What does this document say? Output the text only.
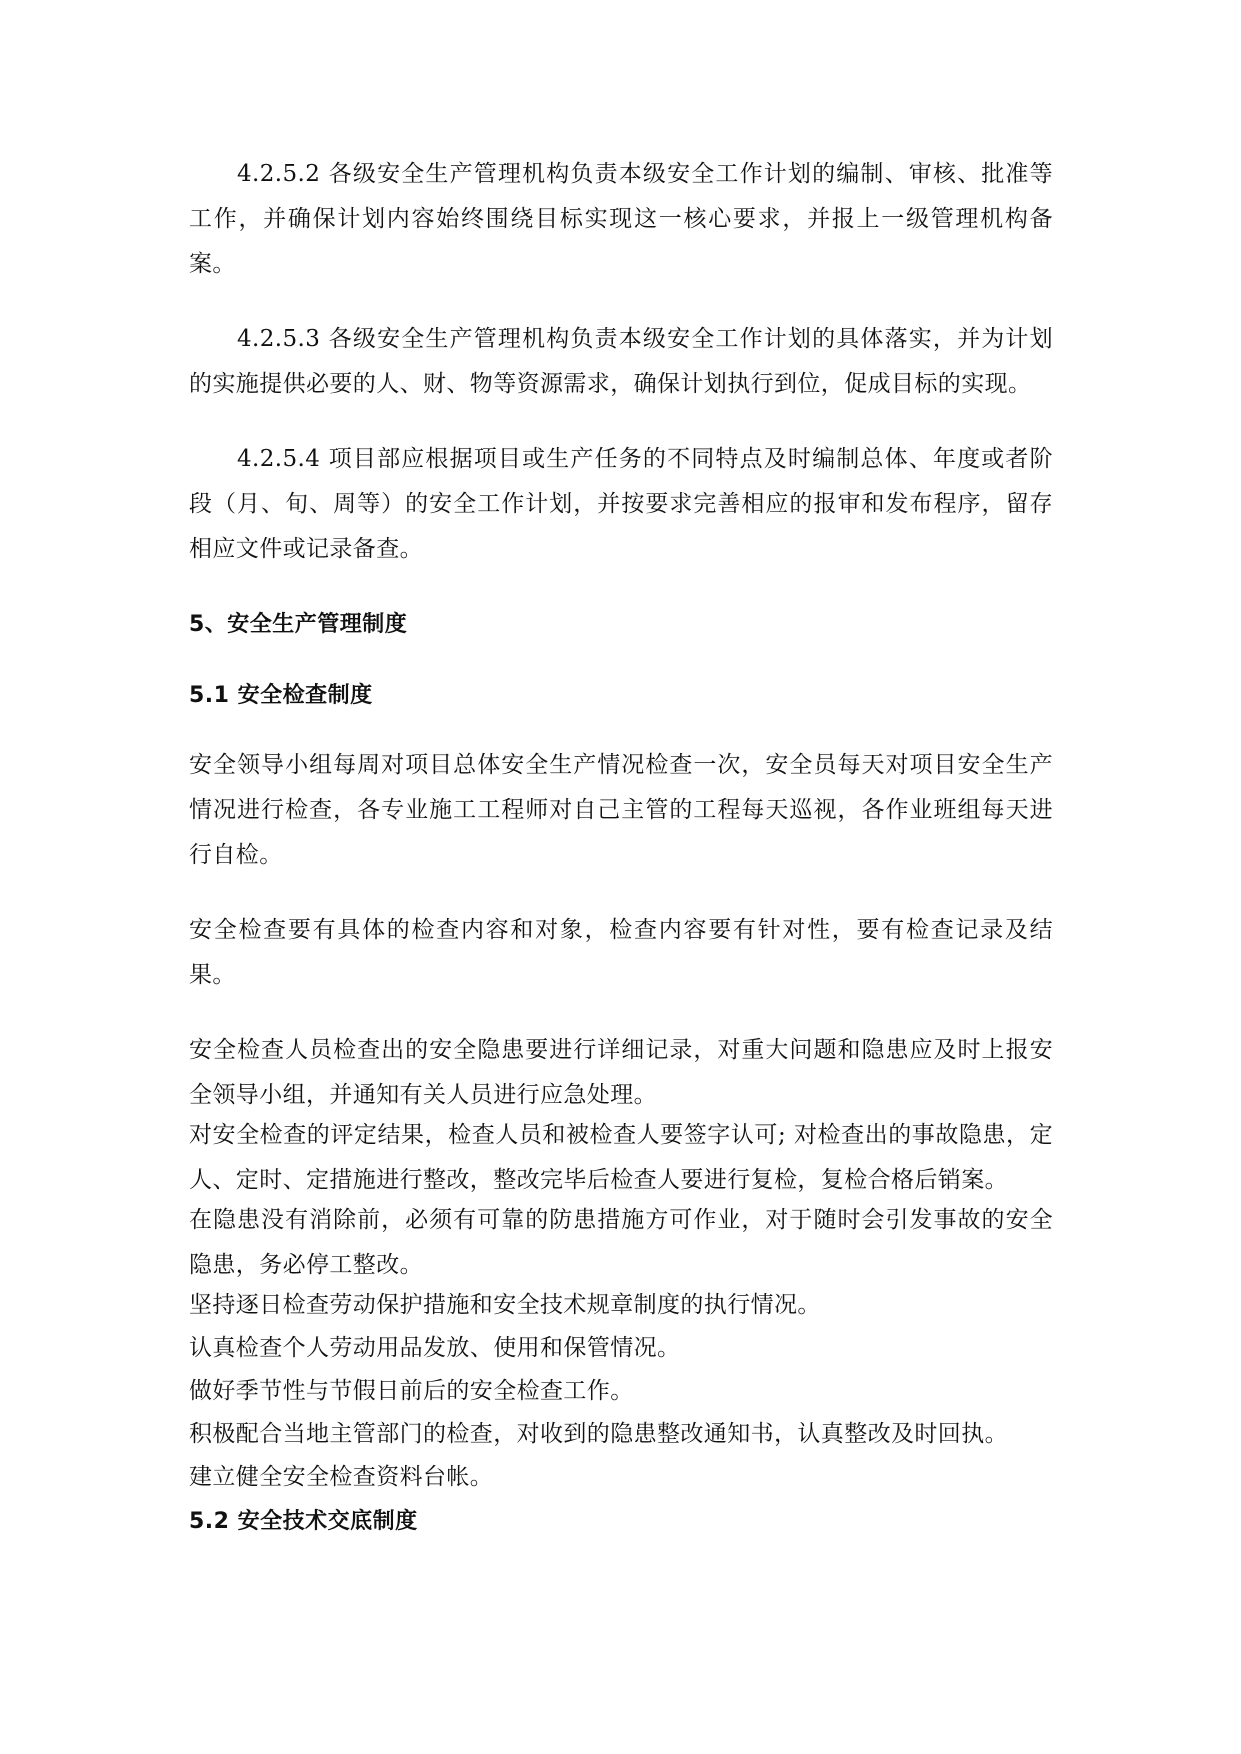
4.2.5.2 各级安全生产管理机构负责本级安全工作计划的编制、审核、批准等工作，并确保计划内容始终围绕目标实现这一核心要求，并报上一级管理机构备案。

4.2.5.3 各级安全生产管理机构负责本级安全工作计划的具体落实，并为计划的实施提供必要的人、财、物等资源需求，确保计划执行到位，促成目标的实现。

4.2.5.4 项目部应根据项目或生产任务的不同特点及时编制总体、年度或者阶段（月、旬、周等）的安全工作计划，并按要求完善相应的报审和发布程序，留存相应文件或记录备查。

5、安全生产管理制度
5.1 安全检查制度

安全领导小组每周对项目总体安全生产情况检查一次，安全员每天对项目安全生产情况进行检查，各专业施工工程师对自己主管的工程每天巡视，各作业班组每天进行自检。

安全检查要有具体的检查内容和对象，检查内容要有针对性，要有检查记录及结果。

安全检查人员检查出的安全隐患要进行详细记录，对重大问题和隐患应及时上报安全领导小组，并通知有关人员进行应急处理。

对安全检查的评定结果，检查人员和被检查人要签字认可; 对检查出的事故隐患，定人、定时、定措施进行整改，整改完毕后检查人要进行复检，复检合格后销案。

在隐患没有消除前，必须有可靠的防患措施方可作业，对于随时会引发事故的安全隐患，务必停工整改。

坚持逐日检查劳动保护措施和安全技术规章制度的执行情况。

认真检查个人劳动用品发放、使用和保管情况。

做好季节性与节假日前后的安全检查工作。

积极配合当地主管部门的检查，对收到的隐患整改通知书，认真整改及时回执。

建立健全安全检查资料台帐。

5.2 安全技术交底制度
